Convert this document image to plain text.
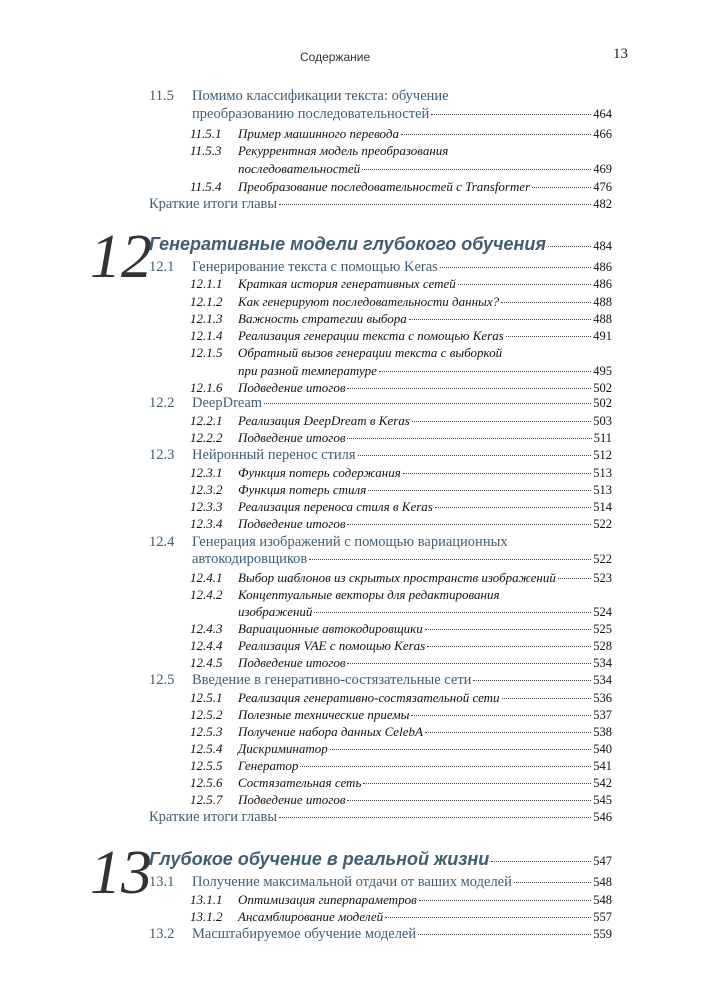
Содержание	13
11.5 Помимо классификации текста: обучение
преобразованию последовательностей	464
11.5.1 Пример машинного перевода	466
11.5.3 Рекуррентная модель преобразования
последовательностей	469
11.5.4 Преобразование последовательностей с Transformer	476
Краткие итоги главы	482
12
Генеративные модели глубокого обучения	484
12.1 Генерирование текста с помощью Keras	486
12.1.1 Краткая история генеративных сетей	486
12.1.2 Как генерируют последовательности данных?	488
12.1.3 Важность стратегии выбора	488
12.1.4 Реализация генерации текста с помощью Keras	491
12.1.5 Обратный вызов генерации текста с выборкой
при разной температуре	495
12.1.6 Подведение итогов	502
12.2 DeepDream	502
12.2.1 Реализация DeepDream в Keras	503
12.2.2 Подведение итогов	511
12.3 Нейронный перенос стиля	512
12.3.1 Функция потерь содержания	513
12.3.2 Функция потерь стиля	513
12.3.3 Реализация переноса стиля в Keras	514
12.3.4 Подведение итогов	522
12.4 Генерация изображений с помощью вариационных
автокодировщиков	522
12.4.1 Выбор шаблонов из скрытых пространств изображений	523
12.4.2 Концептуальные векторы для редактирования
изображений	524
12.4.3 Вариационные автокодировщики	525
12.4.4 Реализация VAE с помощью Keras	528
12.4.5 Подведение итогов	534
12.5 Введение в генеративно-состязательные сети	534
12.5.1 Реализация генеративно-состязательной сети	536
12.5.2 Полезные технические приемы	537
12.5.3 Получение набора данных CelebA	538
12.5.4 Дискриминатор	540
12.5.5 Генератор	541
12.5.6 Состязательная сеть	542
12.5.7 Подведение итогов	545
Краткие итоги главы	546
13
Глубокое обучение в реальной жизни	547
13.1 Получение максимальной отдачи от ваших моделей	548
13.1.1 Оптимизация гиперпараметров	548
13.1.2 Ансамблирование моделей	557
13.2 Масштабируемое обучение моделей	559
